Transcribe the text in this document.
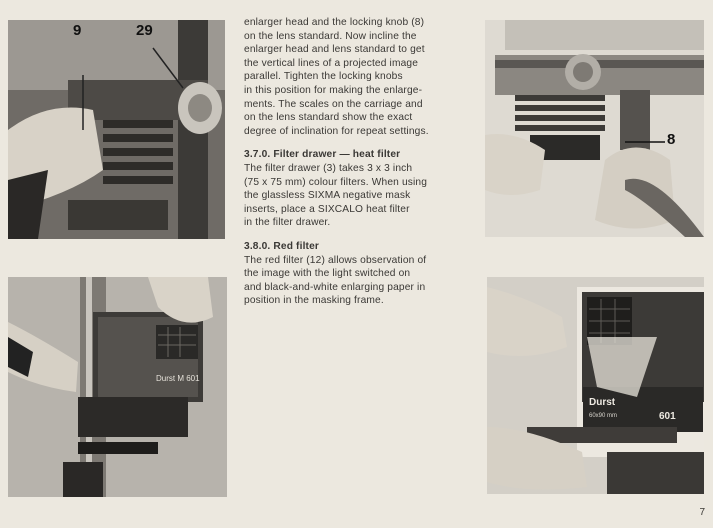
9	29
Durst M 601
8
Durst
601
60x90 mm

enlarger head and the locking knob (8)
on the lens standard. Now incline the
enlarger head and lens standard to get
the vertical lines of a projected image
parallel. Tighten the locking knobs
in this position for making the enlarge-
ments. The scales on the carriage and
on the lens standard show the exact
degree of inclination for repeat settings.

3.7.0. Filter drawer — heat filter
The filter drawer (3) takes 3 x 3 inch
(75 x 75 mm) colour filters. When using
the glassless SIXMA negative mask
inserts, place a SIXCALO heat filter
in the filter drawer.
3.8.0. Red filter
The red filter (12) allows observation of
the image with the light switched on
and black-and-white enlarging paper in
position in the masking frame.
7
